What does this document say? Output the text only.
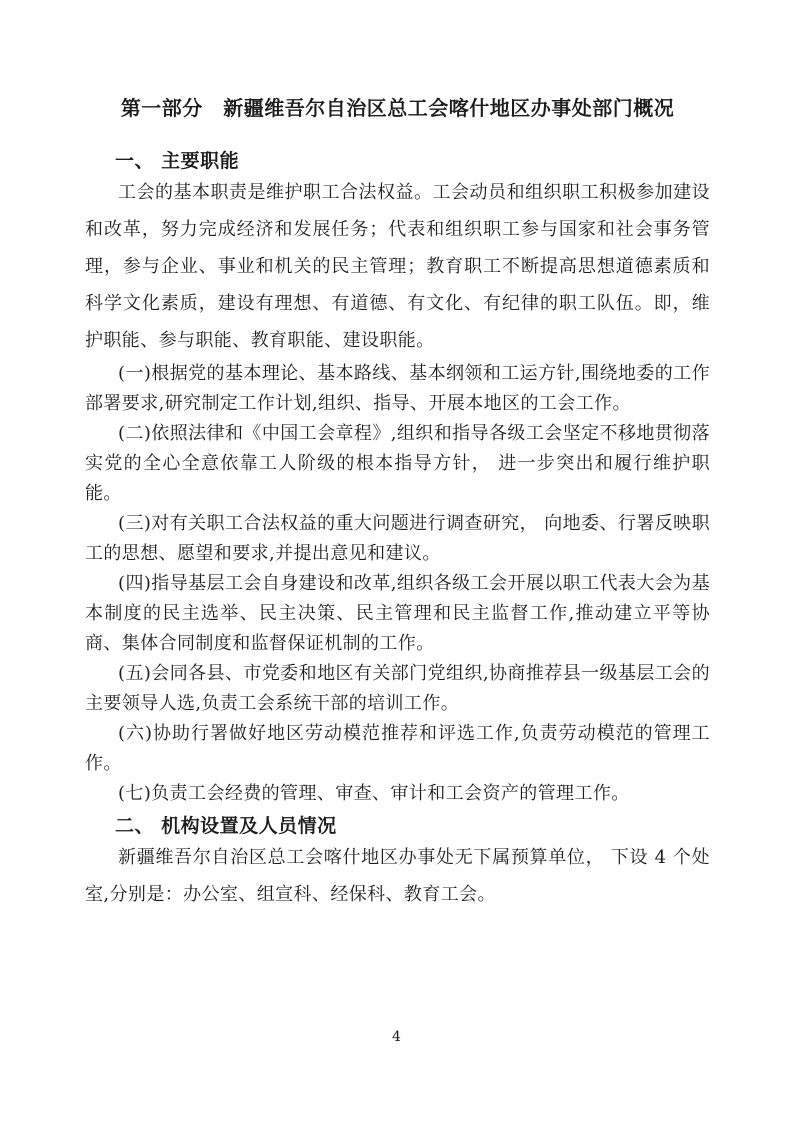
第一部分　新疆维吾尔自治区总工会喀什地区办事处部门概况
一、 主要职能

工会的基本职责是维护职工合法权益。工会动员和组织职工积极参加建设和改革，努力完成经济和发展任务；代表和组织职工参与国家和社会事务管理，参与企业、事业和机关的民主管理；教育职工不断提高思想道德素质和科学文化素质，建设有理想、有道德、有文化、有纪律的职工队伍。即，维护职能、参与职能、教育职能、建设职能。

(一)根据党的基本理论、基本路线、基本纲领和工运方针,围绕地委的工作部署要求,研究制定工作计划,组织、指导、开展本地区的工会工作。

(二)依照法律和《中国工会章程》,组织和指导各级工会坚定不移地贯彻落实党的全心全意依靠工人阶级的根本指导方针， 进一步突出和履行维护职能。

(三)对有关职工合法权益的重大问题进行调查研究， 向地委、行署反映职工的思想、愿望和要求,并提出意见和建议。

(四)指导基层工会自身建设和改革,组织各级工会开展以职工代表大会为基本制度的民主选举、民主决策、民主管理和民主监督工作,推动建立平等协商、集体合同制度和监督保证机制的工作。

(五)会同各县、市党委和地区有关部门党组织,协商推荐县一级基层工会的主要领导人选,负责工会系统干部的培训工作。

(六)协助行署做好地区劳动模范推荐和评选工作,负责劳动模范的管理工作。

(七)负责工会经费的管理、审查、审计和工会资产的管理工作。

二、 机构设置及人员情况

新疆维吾尔自治区总工会喀什地区办事处无下属预算单位， 下设 4 个处室,分别是：办公室、组宣科、经保科、教育工会。

4
